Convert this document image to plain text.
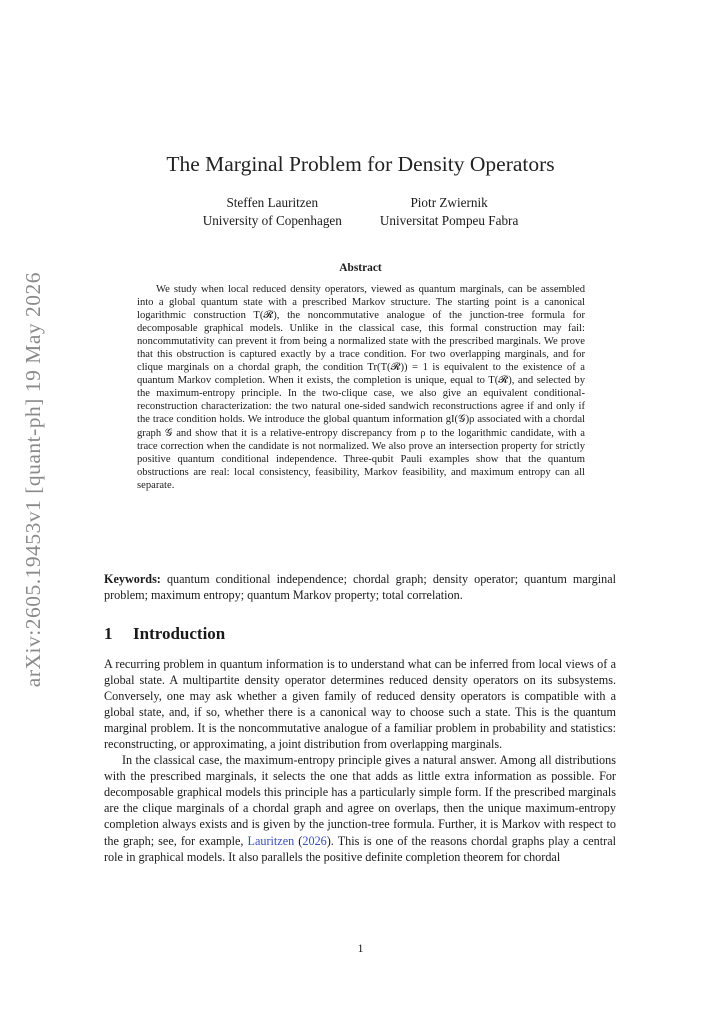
arXiv:2605.19453v1 [quant-ph] 19 May 2026
The Marginal Problem for Density Operators
Steffen Lauritzen
University of Copenhagen
Piotr Zwiernik
Universitat Pompeu Fabra
Abstract

We study when local reduced density operators, viewed as quantum marginals, can be assembled into a global quantum state with a prescribed Markov structure. The starting point is a canonical logarithmic construction T(𝓡), the noncommutative analogue of the junction-tree formula for decomposable graphical models. Unlike in the classical case, this formal construction may fail: noncommutativity can prevent it from being a normalized state with the prescribed marginals. We prove that this obstruction is captured exactly by a trace condition. For two overlapping marginals, and for clique marginals on a chordal graph, the condition Tr(T(𝓡)) = 1 is equivalent to the existence of a quantum Markov completion. When it exists, the completion is unique, equal to T(𝓡), and selected by the maximum-entropy principle. In the two-clique case, we also give an equivalent conditional-reconstruction characterization: the two natural one-sided sandwich reconstructions agree if and only if the trace condition holds. We introduce the global quantum information gI(𝒢)ρ associated with a chordal graph 𝒢 and show that it is a relative-entropy discrepancy from ρ to the logarithmic candidate, with a trace correction when the candidate is not normalized. We also prove an intersection property for strictly positive quantum conditional independence. Three-qubit Pauli examples show that the quantum obstructions are real: local consistency, feasibility, Markov feasibility, and maximum entropy can all separate.

Keywords: quantum conditional independence; chordal graph; density operator; quantum marginal problem; maximum entropy; quantum Markov property; total correlation.

1 Introduction

A recurring problem in quantum information is to understand what can be inferred from local views of a global state. A multipartite density operator determines reduced density operators on its subsystems. Conversely, one may ask whether a given family of reduced density operators is compatible with a global state, and, if so, whether there is a canonical way to choose such a state. This is the quantum marginal problem. It is the noncommutative analogue of a familiar problem in probability and statistics: reconstructing, or approximating, a joint distribution from overlapping marginals.

In the classical case, the maximum-entropy principle gives a natural answer. Among all distributions with the prescribed marginals, it selects the one that adds as little extra information as possible. For decomposable graphical models this principle has a particularly simple form. If the prescribed marginals are the clique marginals of a chordal graph and agree on overlaps, then the unique maximum-entropy completion always exists and is given by the junction-tree formula. Further, it is Markov with respect to the graph; see, for example, Lauritzen (2026). This is one of the reasons chordal graphs play a central role in graphical models. It also parallels the positive definite completion theorem for chordal

1
